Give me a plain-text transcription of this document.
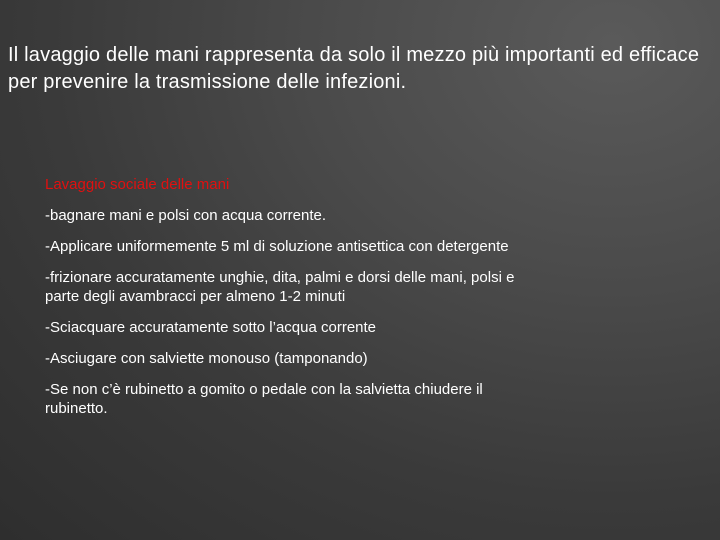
Il lavaggio delle mani rappresenta da solo il mezzo più importanti ed efficace per prevenire la trasmissione delle infezioni.

Lavaggio sociale delle mani

-bagnare mani e polsi con acqua corrente.
-Applicare uniformemente 5 ml di soluzione antisettica con detergente
-frizionare accuratamente unghie, dita, palmi e dorsi delle mani, polsi e parte degli avambracci per almeno 1-2 minuti
-Sciacquare accuratamente sotto l’acqua corrente
-Asciugare con salviette monouso (tamponando)
-Se non c’è rubinetto a gomito o pedale con la salvietta chiudere il rubinetto.
